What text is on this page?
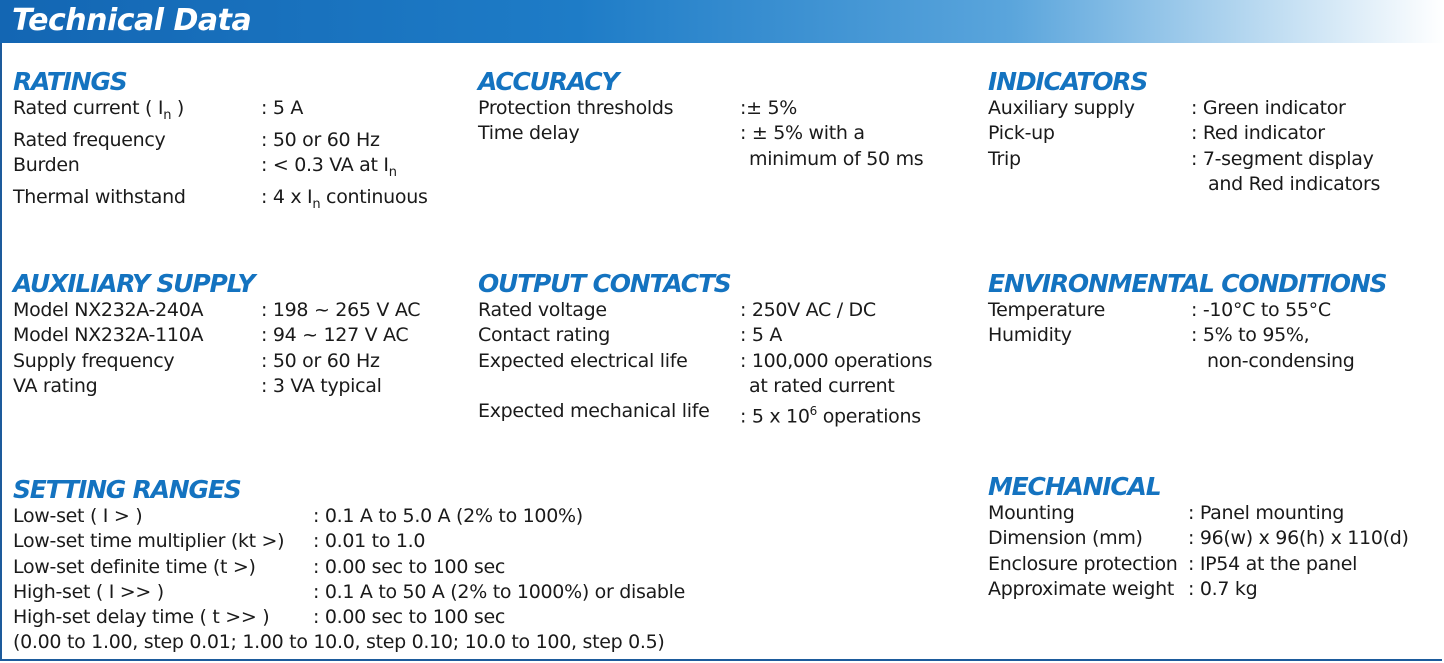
Technical Data
RATINGS
Rated current ( $I_n$ )	: 5 A
Rated frequency	: 50 or 60 Hz
Burden	: < 0.3 VA at $I_n$
Thermal withstand	: 4 x $I_n$ continuous
ACCURACY
Protection thresholds	:± 5%
Time delay	: ± 5% with a
minimum of 50 ms
INDICATORS
Auxiliary supply	: Green indicator
Pick-up	: Red indicator
Trip	: 7-segment display
and Red indicators
AUXILIARY SUPPLY
Model NX232A-240A	: 198 ~ 265 V AC
Model NX232A-110A	: 94 ~ 127 V AC
Supply frequency	: 50 or 60 Hz
VA rating	: 3 VA typical
OUTPUT CONTACTS
Rated voltage	: 250V AC / DC
Contact rating	: 5 A
Expected electrical life	: 100,000 operations
at rated current
Expected mechanical life	: 5 x $10^6$ operations
ENVIRONMENTAL CONDITIONS
Temperature	: -10°C to 55°C
Humidity	: 5% to 95%,
non-condensing
SETTING RANGES
Low-set ( I > )	: 0.1 A to 5.0 A (2% to 100%)
Low-set time multiplier (kt >)	: 0.01 to 1.0
Low-set definite time (t >)	: 0.00 sec to 100 sec
High-set ( I >> )	: 0.1 A to 50 A (2% to 1000%) or disable
High-set delay time ( t >> )	: 0.00 sec to 100 sec
(0.00 to 1.00, step 0.01; 1.00 to 10.0, step 0.10; 10.0 to 100, step 0.5)
MECHANICAL
Mounting	: Panel mounting
Dimension (mm)	: 96(w) x 96(h) x 110(d)
Enclosure protection : IP54 at the panel
Approximate weight : 0.7 kg
